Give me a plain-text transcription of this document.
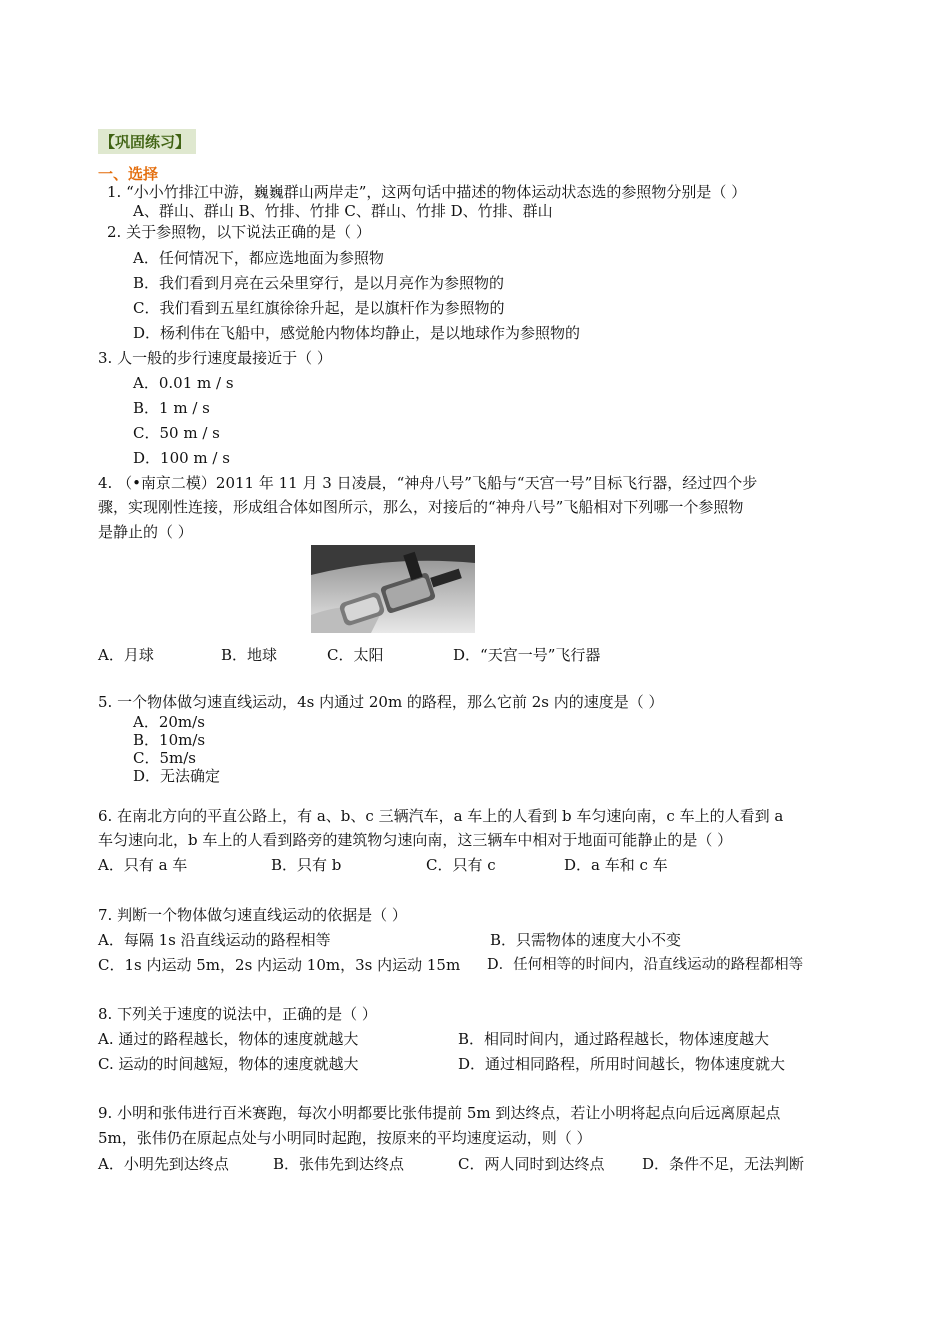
【巩固练习】
一、选择
1. “小小竹排江中游，巍巍群山两岸走”，这两句话中描述的物体运动状态选的参照物分别是（ ）
A、群山、群山 B、竹排、竹排 C、群山、竹排 D、竹排、群山
2. 关于参照物，以下说法正确的是（ ）
A．任何情况下，都应选地面为参照物
B．我们看到月亮在云朵里穿行，是以月亮作为参照物的
C．我们看到五星红旗徐徐升起，是以旗杆作为参照物的
D．杨利伟在飞船中，感觉舱内物体均静止，是以地球作为参照物的
3. 人一般的步行速度最接近于（ ）
A．0.01 m / s
B．1 m / s
C．50 m / s
D．100 m / s
4. （•南京二模）2011 年 11 月 3 日凌晨，“神舟八号”飞船与“天宫一号”目标飞行器，经过四个步
骤，实现刚性连接，形成组合体如图所示，那么，对接后的“神舟八号”飞船相对下列哪一个参照物
是静止的（ ）
A．月球	B．地球	C．太阳	D．“天宫一号”飞行器
5. 一个物体做匀速直线运动，4s 内通过 20m 的路程，那么它前 2s 内的速度是（ ）
A．20m/s
B．10m/s
C．5m/s
D．无法确定
6. 在南北方向的平直公路上，有 a、b、c 三辆汽车，a 车上的人看到 b 车匀速向南，c 车上的人看到 a
车匀速向北，b 车上的人看到路旁的建筑物匀速向南，这三辆车中相对于地面可能静止的是（ ）
A．只有 a 车	B．只有 b	C．只有 c	D．a 车和 c 车
7. 判断一个物体做匀速直线运动的依据是（ ）
A．每隔 1s 沿直线运动的路程相等	B．只需物体的速度大小不变
C．1s 内运动 5m，2s 内运动 10m，3s 内运动 15m D．任何相等的时间内，沿直线运动的路程都相等
8. 下列关于速度的说法中，正确的是（ ）
A. 通过的路程越长，物体的速度就越大	B．相同时间内，通过路程越长，物体速度越大
C. 运动的时间越短，物体的速度就越大	D．通过相同路程，所用时间越长，物体速度就大
9. 小明和张伟进行百米赛跑，每次小明都要比张伟提前 5m 到达终点，若让小明将起点向后远离原起点
5m，张伟仍在原起点处与小明同时起跑，按原来的平均速度运动，则（ ）
A．小明先到达终点	B．张伟先到达终点	C．两人同时到达终点	D．条件不足，无法判断
